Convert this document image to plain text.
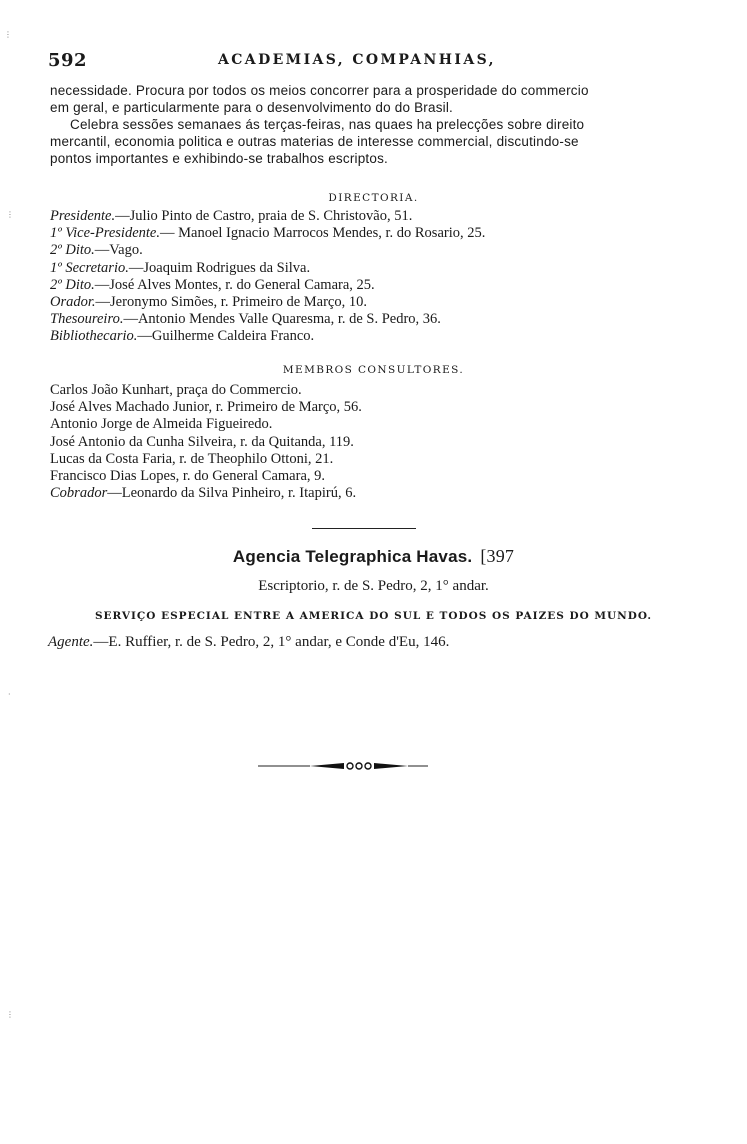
592	ACADEMIAS, COMPANHIAS,
necessidade. Procura por todos os meios concorrer para a prosperidade do commercio
em geral, e particularmente para o desenvolvimento do do Brasil.
Celebra sessões semanaes ás terças-feiras, nas quaes ha prelecções sobre direito
mercantil, economia politica e outras materias de interesse commercial, discutindo-se
pontos importantes e exhibindo-se trabalhos escriptos.
DIRECTORIA.
Presidente.—Julio Pinto de Castro, praia de S. Christovão, 51.
1º Vice-Presidente.— Manoel Ignacio Marrocos Mendes, r. do Rosario, 25.
2º Dito.—Vago.
1º Secretario.—Joaquim Rodrigues da Silva.
2º Dito.—José Alves Montes, r. do General Camara, 25.
Orador.—Jeronymo Simões, r. Primeiro de Março, 10.
Thesoureiro.—Antonio Mendes Valle Quaresma, r. de S. Pedro, 36.
Bibliothecario.—Guilherme Caldeira Franco.
MEMBROS CONSULTORES.
Carlos João Kunhart, praça do Commercio.
José Alves Machado Junior, r. Primeiro de Março, 56.
Antonio Jorge de Almeida Figueiredo.
José Antonio da Cunha Silveira, r. da Quitanda, 119.
Lucas da Costa Faria, r. de Theophilo Ottoni, 21.
Francisco Dias Lopes, r. do General Camara, 9.
Cobrador—Leonardo da Silva Pinheiro, r. Itapirú, 6.
Agencia Telegraphica Havas. [397
Escriptorio, r. de S. Pedro, 2, 1° andar.
SERVIÇO ESPECIAL ENTRE A AMERICA DO SUL E TODOS OS PAIZES DO MUNDO.
Agente.—E. Ruffier, r. de S. Pedro, 2, 1° andar, e Conde d'Eu, 146.
⋮
⋮
·
⋮
